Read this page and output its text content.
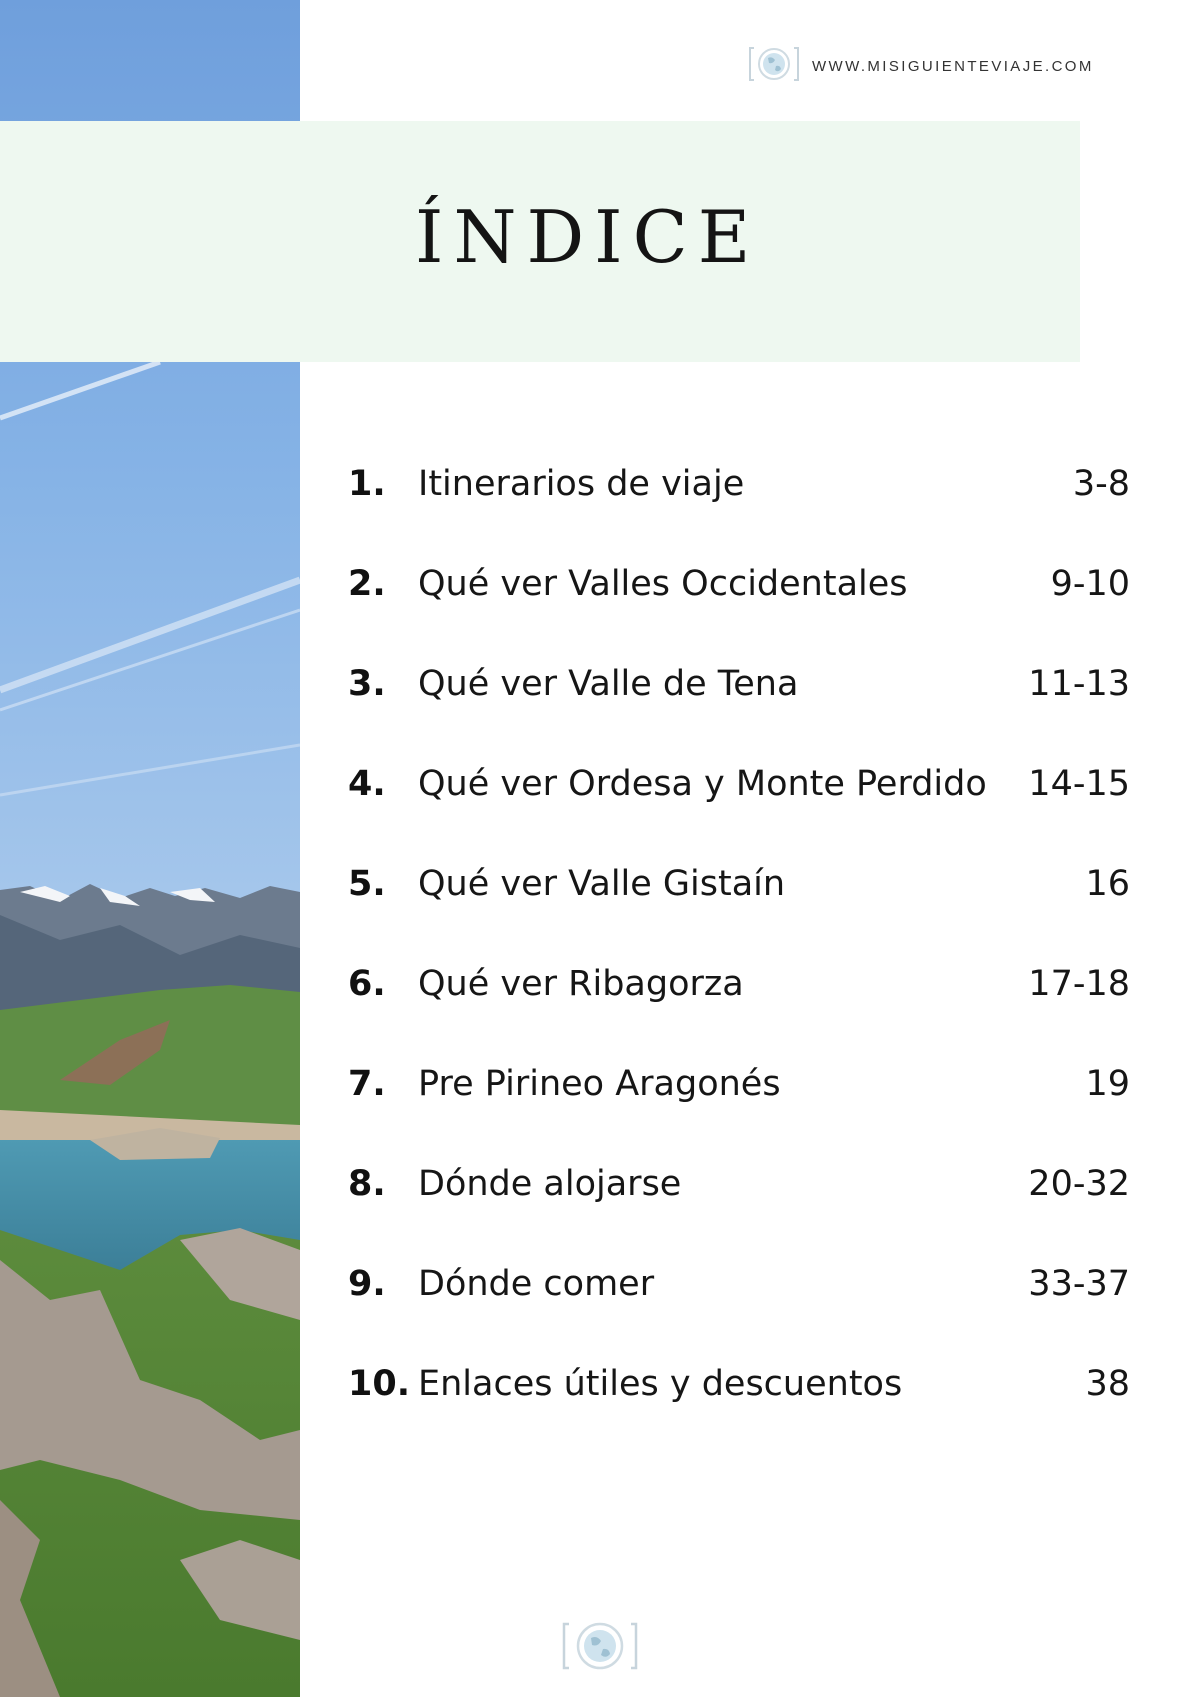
WWW.MISIGUIENTEVIAJE.COM
ÍNDICE
1. Itinerarios de viaje	3-8
2. Qué ver Valles Occidentales	9-10
3. Qué ver Valle de Tena	11-13
4. Qué ver Ordesa y Monte Perdido	14-15
5. Qué ver Valle Gistaín	16
6. Qué ver Ribagorza	17-18
7. Pre Pirineo Aragonés	19
8. Dónde alojarse	20-32
9. Dónde comer	33-37
10. Enlaces útiles y descuentos	38
